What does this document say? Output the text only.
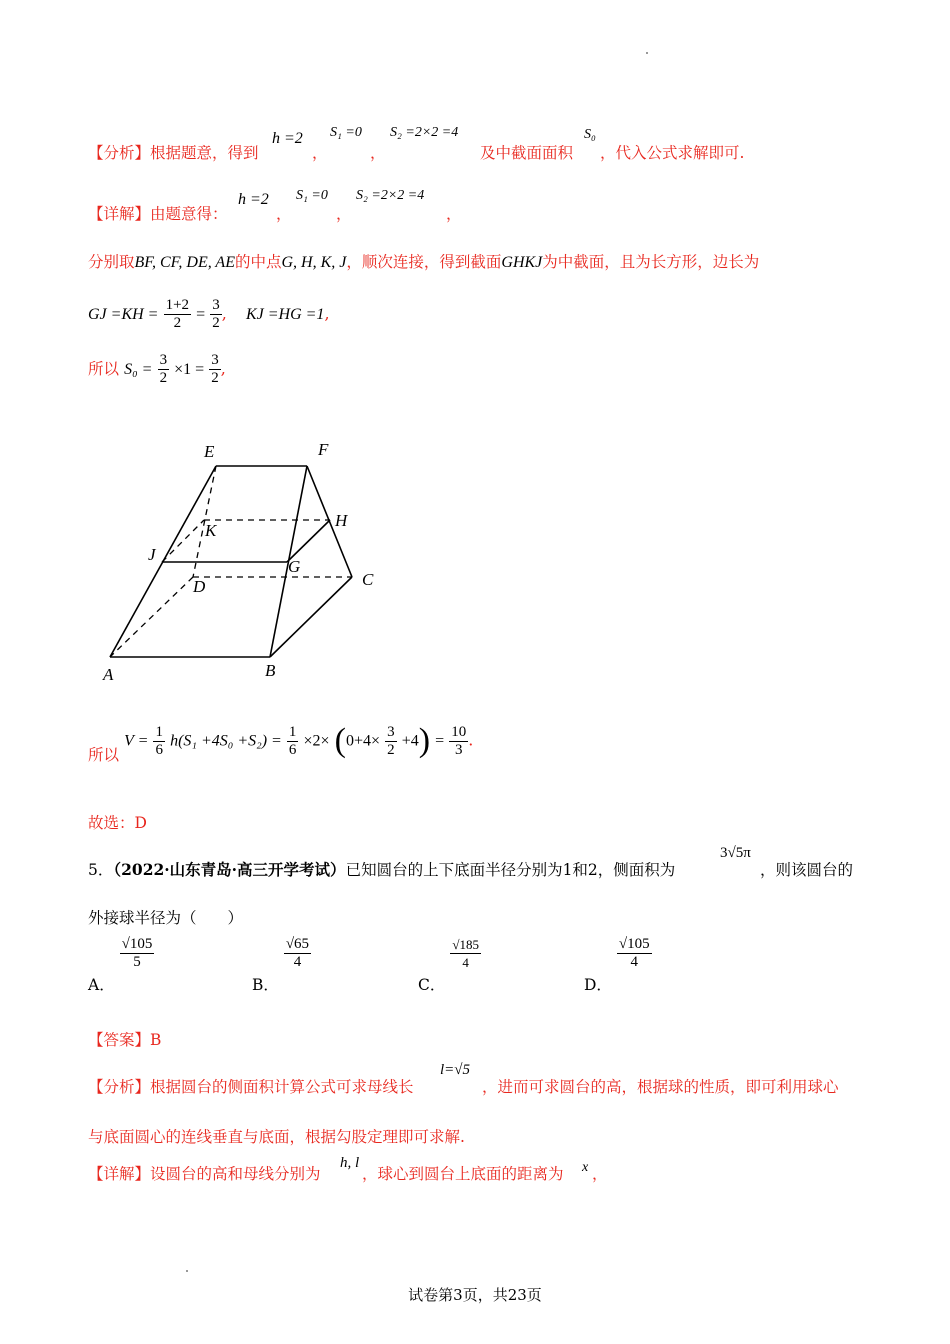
【分析】根据题意，得到
h =2
，
S₁ =0
，
S₂ =2×2 =4
及中截面面积
S₀
，代入公式求解即可.
【详解】由题意得：
h =2
，
S₁ =0
，
S₂ =2×2 =4
，
分别取BF, CF, DE, AE的中点G, H, K, J，顺次连接，得到截面GHKJ为中截面，且为长方形，边长为
GJ $=KH = \frac{1+2}{2} = \frac{3}{2}$ , KJ =HG =1,
所以 $S_0 = \frac{3}{2} \times 1 = \frac{3}{2}$ ,
E	F
K
H
J
G
D	C
A	B
所以 $V = \frac{1}{6} h(S_1 +4S_0 +S_2) = \frac{1}{6} \times 2\times (0+4\times \frac{3}{2} +4) = \frac{10}{3}$ .
故选：D
5．（2022·山东青岛·高三开学考试）已知圆台的上下底面半径分别为1和2，侧面积为
3√5π
，则该圆台的
外接球半径为（　　）
A．
$\frac{√105}{5}$
B．
$\frac{√65}{4}$
C．
$\frac{√185}{4}$
D．
$\frac{√105}{4}$
【答案】B
【分析】根据圆台的侧面积计算公式可求母线长
l=√5
，进而可求圆台的高，根据球的性质，即可利用球心
与底面圆心的连线垂直与底面，根据勾股定理即可求解.
【详解】设圆台的高和母线分别为
h, l
，球心到圆台上底面的距离为 x ，
试卷第3页，共23页
